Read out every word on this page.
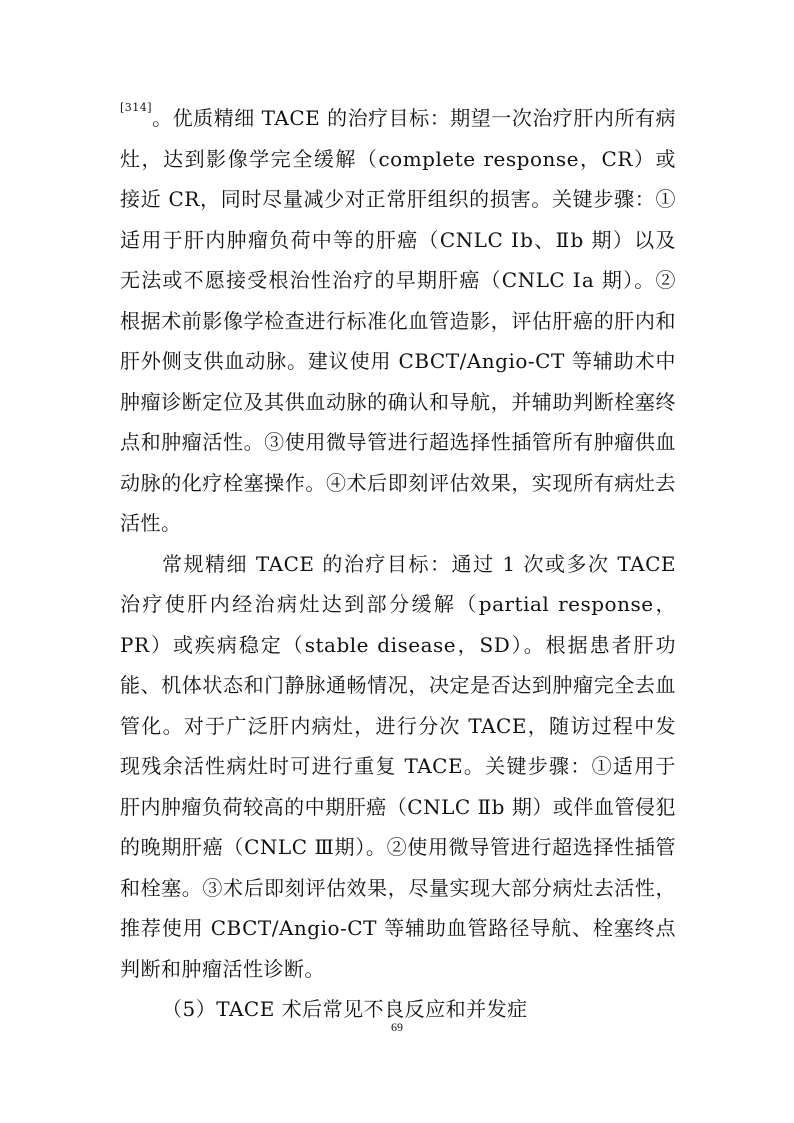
[314]。优质精细 TACE 的治疗目标：期望一次治疗肝内所有病灶，达到影像学完全缓解（complete response，CR）或接近 CR，同时尽量减少对正常肝组织的损害。关键步骤：①适用于肝内肿瘤负荷中等的肝癌（CNLC Ⅰb、Ⅱb 期）以及无法或不愿接受根治性治疗的早期肝癌（CNLC Ⅰa 期）。②根据术前影像学检查进行标准化血管造影，评估肝癌的肝内和肝外侧支供血动脉。建议使用 CBCT/Angio-CT 等辅助术中肿瘤诊断定位及其供血动脉的确认和导航，并辅助判断栓塞终点和肿瘤活性。③使用微导管进行超选择性插管所有肿瘤供血动脉的化疗栓塞操作。④术后即刻评估效果，实现所有病灶去活性。

常规精细 TACE 的治疗目标：通过 1 次或多次 TACE 治疗使肝内经治病灶达到部分缓解（partial response，PR）或疾病稳定（stable disease，SD）。根据患者肝功能、机体状态和门静脉通畅情况，决定是否达到肿瘤完全去血管化。对于广泛肝内病灶，进行分次 TACE，随访过程中发现残余活性病灶时可进行重复 TACE。关键步骤：①适用于肝内肿瘤负荷较高的中期肝癌（CNLC Ⅱb 期）或伴血管侵犯的晚期肝癌（CNLC Ⅲ期）。②使用微导管进行超选择性插管和栓塞。③术后即刻评估效果，尽量实现大部分病灶去活性，推荐使用 CBCT/Angio-CT 等辅助血管路径导航、栓塞终点判断和肿瘤活性诊断。

（5）TACE 术后常见不良反应和并发症

69
